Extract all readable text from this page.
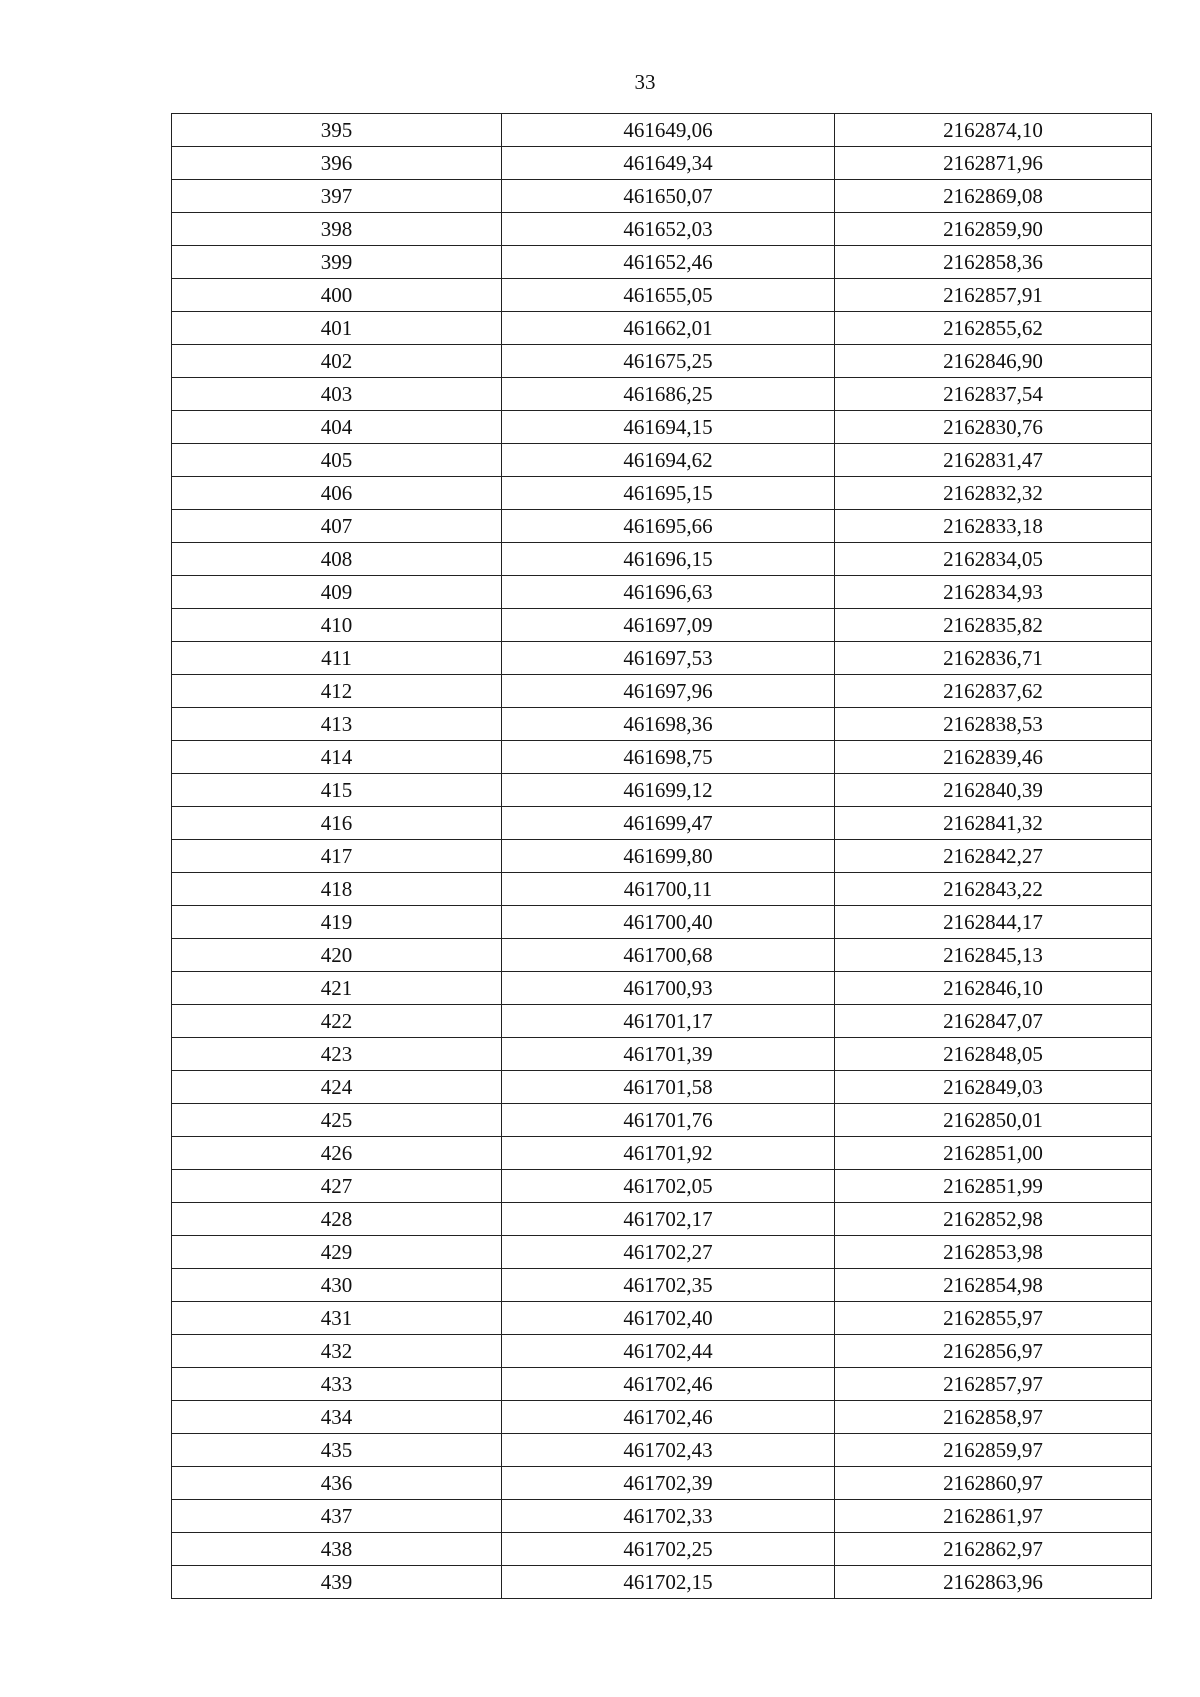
33
395	461649,06	2162874,10
396	461649,34	2162871,96
397	461650,07	2162869,08
398	461652,03	2162859,90
399	461652,46	2162858,36
400	461655,05	2162857,91
401	461662,01	2162855,62
402	461675,25	2162846,90
403	461686,25	2162837,54
404	461694,15	2162830,76
405	461694,62	2162831,47
406	461695,15	2162832,32
407	461695,66	2162833,18
408	461696,15	2162834,05
409	461696,63	2162834,93
410	461697,09	2162835,82
411	461697,53	2162836,71
412	461697,96	2162837,62
413	461698,36	2162838,53
414	461698,75	2162839,46
415	461699,12	2162840,39
416	461699,47	2162841,32
417	461699,80	2162842,27
418	461700,11	2162843,22
419	461700,40	2162844,17
420	461700,68	2162845,13
421	461700,93	2162846,10
422	461701,17	2162847,07
423	461701,39	2162848,05
424	461701,58	2162849,03
425	461701,76	2162850,01
426	461701,92	2162851,00
427	461702,05	2162851,99
428	461702,17	2162852,98
429	461702,27	2162853,98
430	461702,35	2162854,98
431	461702,40	2162855,97
432	461702,44	2162856,97
433	461702,46	2162857,97
434	461702,46	2162858,97
435	461702,43	2162859,97
436	461702,39	2162860,97
437	461702,33	2162861,97
438	461702,25	2162862,97
439	461702,15	2162863,96
